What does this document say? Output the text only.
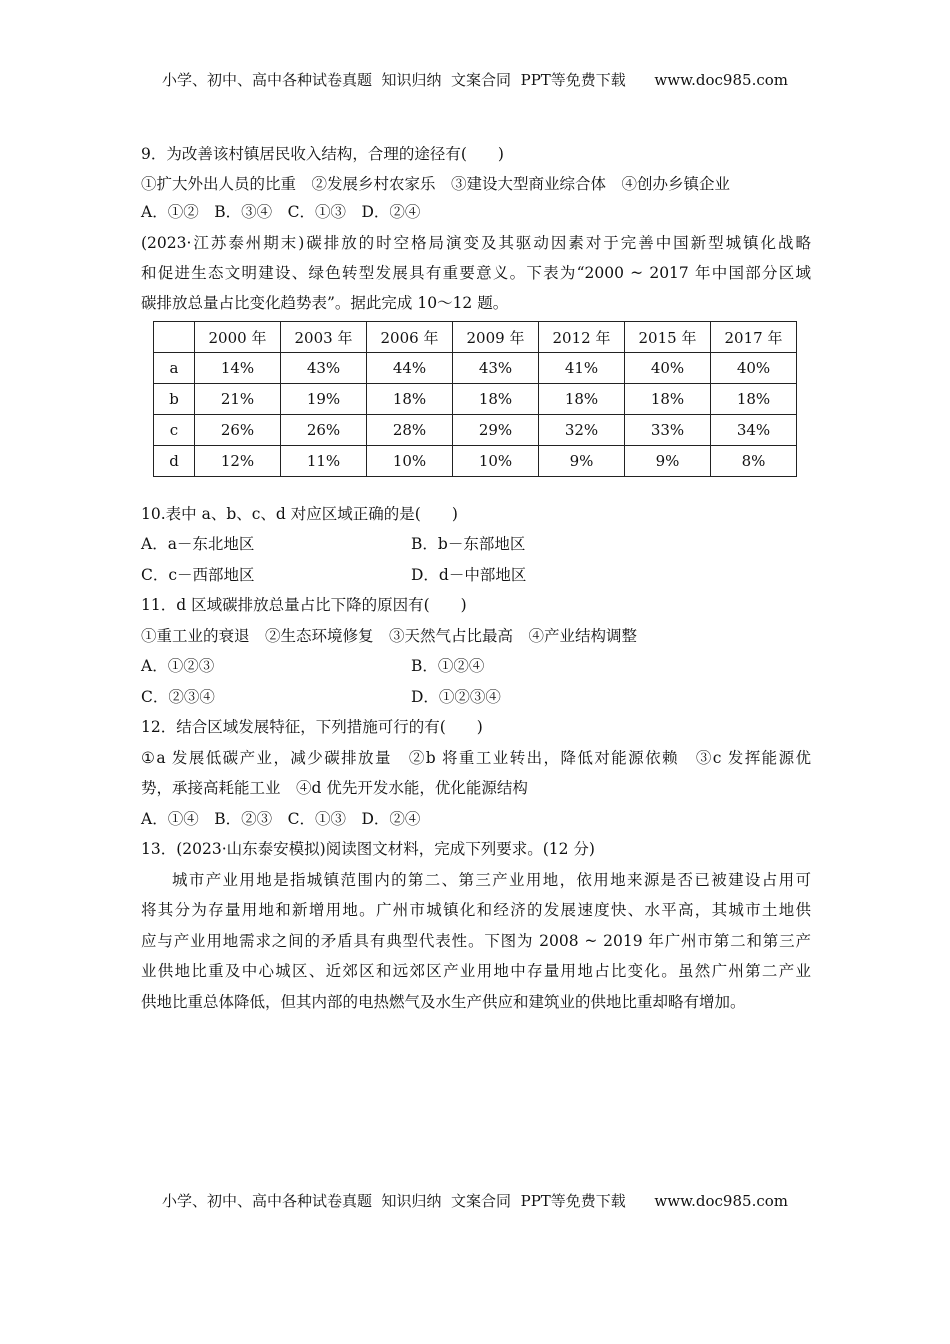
小学、初中、高中各种试卷真题  知识归纳  文案合同  PPT等免费下载      www.doc985.com
9．为改善该村镇居民收入结构，合理的途径有(　　)
①扩大外出人员的比重　②发展乡村农家乐　③建设大型商业综合体　④创办乡镇企业
A．①②　B．③④　C．①③　D．②④
(2023·江苏泰州期末)碳排放的时空格局演变及其驱动因素对于完善中国新型城镇化战略
和促进生态文明建设、绿色转型发展具有重要意义。下表为“2000 ~ 2017 年中国部分区域
碳排放总量占比变化趋势表”。据此完成 10～12 题。
	2000 年	2003 年	2006 年	2009 年	2012 年	2015 年	2017 年
a	14%	43%	44%	43%	41%	40%	40%
b	21%	19%	18%	18%	18%	18%	18%
c	26%	26%	28%	29%	32%	33%	34%
d	12%	11%	10%	10%	9%	9%	8%
10.表中 a、b、c、d 对应区域正确的是(　　)
A．a－东北地区	B．b－东部地区
C．c－西部地区	D．d－中部地区
11．d 区域碳排放总量占比下降的原因有(　　)
①重工业的衰退　②生态环境修复　③天然气占比最高　④产业结构调整
A．①②③	B．①②④
C．②③④	D．①②③④
12．结合区域发展特征，下列措施可行的有(　　)
①a 发展低碳产业，减少碳排放量　②b 将重工业转出，降低对能源依赖　③c 发挥能源优
势，承接高耗能工业　④d 优先开发水能，优化能源结构
A．①④　B．②③　C．①③　D．②④
13．(2023·山东泰安模拟)阅读图文材料，完成下列要求。(12 分)
城市产业用地是指城镇范围内的第二、第三产业用地，依用地来源是否已被建设占用可
将其分为存量用地和新增用地。广州市城镇化和经济的发展速度快、水平高，其城市土地供
应与产业用地需求之间的矛盾具有典型代表性。下图为 2008 ~ 2019 年广州市第二和第三产
业供地比重及中心城区、近郊区和远郊区产业用地中存量用地占比变化。虽然广州第二产业
供地比重总体降低，但其内部的电热燃气及水生产供应和建筑业的供地比重却略有增加。
小学、初中、高中各种试卷真题  知识归纳  文案合同  PPT等免费下载      www.doc985.com
